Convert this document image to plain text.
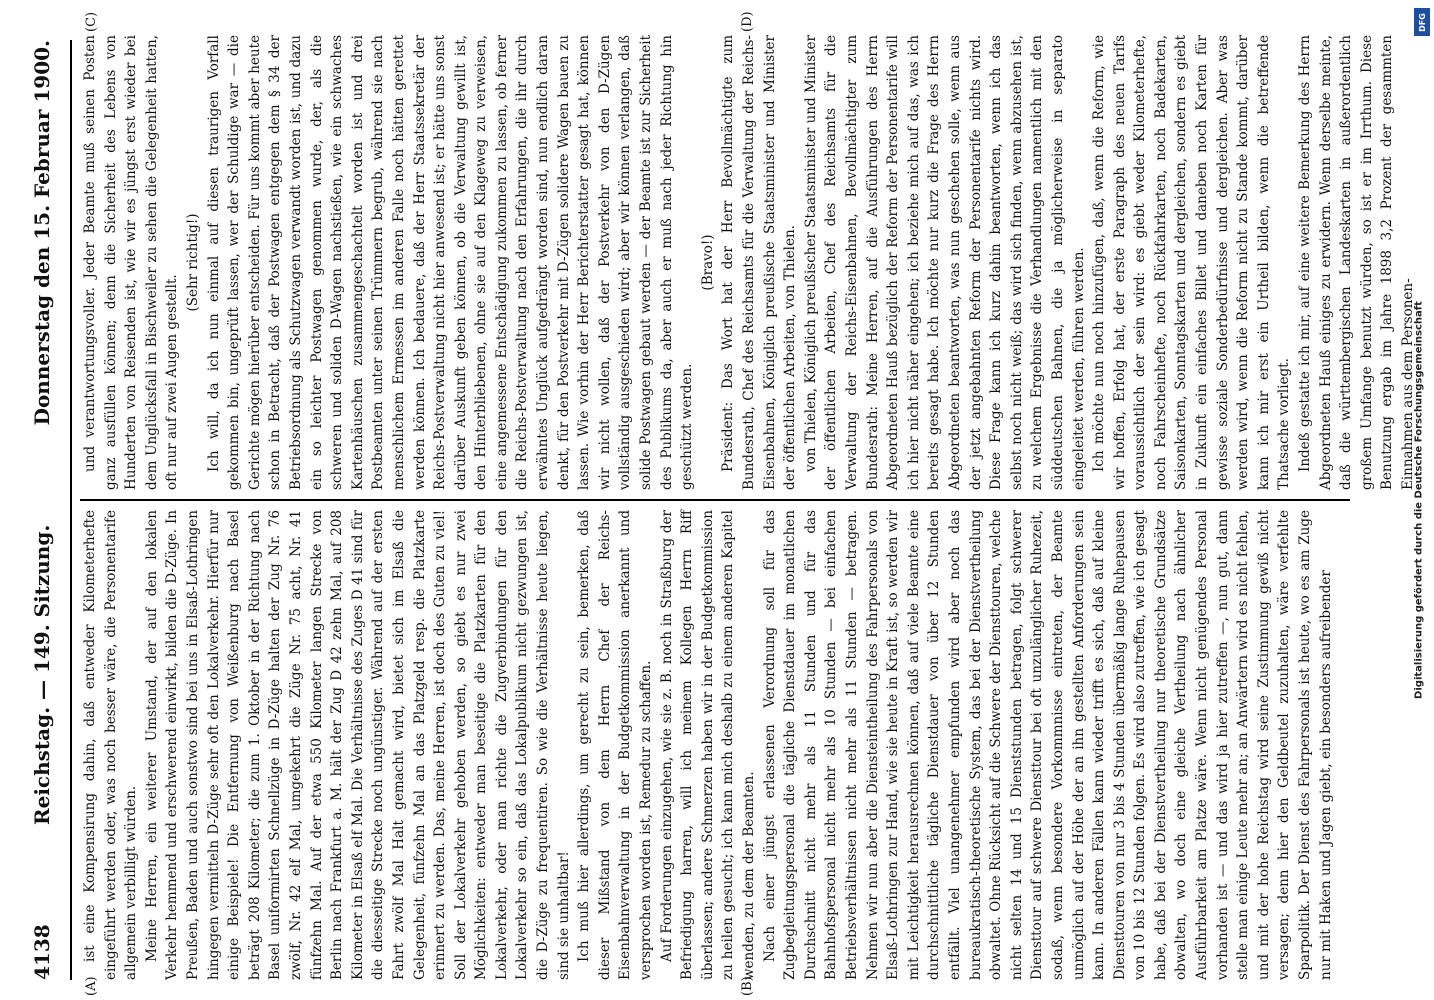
4138
Reichstag. — 149. Sitzung.
Donnerstag den 15. Februar 1900.
(A)	(B)
(C)	(D)

ist eine Kompensirung dahin, daß entweder Kilometerhefte eingeführt werden oder, was noch besser wäre, die Personentarife allgemein verbilligt würden. Meine Herren, ein weiterer Umstand, der auf den lokalen Verkehr hemmend und erschwerend einwirkt, bilden die D-Züge. In Preußen, Baden und auch sonstwo sind bei uns in Elsaß-Lothringen hingegen vermitteln D-Züge sehr oft den Lokalverkehr. Hierfür nur einige Beispiele! Die Entfernung von Weißenburg nach Basel beträgt 208 Kilometer; die zum 1. Oktober in der Richtung nach Basel uniformirten Schnellzüge in D-Züge halten der Zug Nr. 76 zwölf, Nr. 42 elf Mal, umgekehrt die Züge Nr. 75 acht, Nr. 41 fünfzehn Mal. Auf der etwa 550 Kilometer langen Strecke von Berlin nach Frankfurt a. M. hält der Zug D 42 zehn Mal, auf 208 Kilometer in Elsaß elf Mal. Die Verhältnisse des Zuges D 41 sind für die diesseitige Strecke noch ungünstiger. Während auf der ersten Fahrt zwölf Mal Halt gemacht wird, bietet sich im Elsaß die Gelegenheit, fünfzehn Mal an das Platzgeld resp. die Platzkarte erinnert zu werden. Das, meine Herren, ist doch des Guten zu viel! Soll der Lokalverkehr gehoben werden, so giebt es nur zwei Möglichkeiten: entweder man beseitige die Platzkarten für den Lokalverkehr, oder man richte die Zugverbindungen für den Lokalverkehr so ein, daß das Lokalpublikum nicht gezwungen ist, die D-Züge zu frequentiren. So wie die Verhältnisse heute liegen, sind sie unhaltbar! Ich muß hier allerdings, um gerecht zu sein, bemerken, daß dieser Mißstand von dem Herrn Chef der Reichs-Eisenbahnverwaltung in der Budgetkommission anerkannt und versprochen worden ist, Remedur zu schaffen. Auf Forderungen einzugehen, wie sie z. B. noch in Straßburg der Befriedigung harren, will ich meinem Kollegen Herrn Riff überlassen; andere Schmerzen haben wir in der Budgetkommission zu heilen gesucht; ich kann mich deshalb zu einem anderen Kapitel wenden, zu dem der Beamten. Nach einer jüngst erlassenen Verordnung soll für das Zugbegleitungspersonal die tägliche Dienstdauer im monatlichen Durchschnitt nicht mehr als 11 Stunden und für das Bahnhofspersonal nicht mehr als 10 Stunden — bei einfachen Betriebsverhältnissen nicht mehr als 11 Stunden — betragen. Nehmen wir nun aber die Diensteintheilung des Fahrpersonals von Elsaß-Lothringen zur Hand, wie sie heute in Kraft ist, so werden wir mit Leichtigkeit herausrechnen können, daß auf viele Beamte eine durchschnittliche tägliche Dienstdauer von über 12 Stunden entfällt. Viel unangenehmer empfunden wird aber noch das bureaukratisch-theoretische System, das bei der Dienstvertheilung obwaltet. Ohne Rücksicht auf die Schwere der Diensttouren, welche nicht selten 14 und 15 Dienststunden betragen, folgt schwerer Diensttour auf schwere Diensttour bei oft unzulänglicher Ruhezeit, sodaß, wenn besondere Vorkommnisse eintreten, der Beamte unmöglich auf der Höhe der an ihn gestellten Anforderungen sein kann. In anderen Fällen kann wieder trifft es sich, daß auf kleine Diensttouren von nur 3 bis 4 Stunden übermäßig lange Ruhepausen von 10 bis 12 Stunden folgen. Es wird also zutreffen, wie ich gesagt habe, daß bei der Dienstvertheilung nur theoretische Grundsätze obwalten, wo doch eine gleiche Vertheilung nach ähnlicher Ausführbarkeit am Platze wäre. Wenn nicht genügendes Personal vorhanden ist — und das wird ja hier zutreffen —, nun gut, dann stelle man einige Leute mehr an; an Anwärtern wird es nicht fehlen, und mit der hohe Reichstag wird seine Zustimmung gewiß nicht versagen; denn hier den Geldbeutel zuzuhalten, wäre verfehlte Sparpolitik. Der Dienst des Fahrpersonals ist heute, wo es am Zuge nur mit Haken und Jagen giebt, ein besonders aufreibender

und verantwortungsvoller. Jeder Beamte muß seinen Posten ganz ausfüllen können; denn die Sicherheit des Lebens von Hunderten von Reisenden ist, wie wir es jüngst erst wieder bei dem Unglücksfall in Bischweiler zu sehen die Gelegenheit hatten, oft nur auf zwei Augen gestellt.

(Sehr richtig!) Ich will, da ich nun einmal auf diesen traurigen Vorfall gekommen bin, ungeprüft lassen, wer der Schuldige war — die Gerichte mögen hierüber entscheiden. Für uns kommt aber heute schon in Betracht, daß der Postwagen entgegen dem § 34 der Betriebsordnung als Schutzwagen verwandt worden ist, und dazu ein so leichter Postwagen genommen wurde, der, als die schweren und soliden D-Wagen nachstießen, wie ein schwaches Kartenhäuschen zusammengeschachtelt worden ist und drei Postbeamten unter seinen Trümmern begrub, während sie nach menschlichem Ermessen im anderen Falle noch hätten gerettet werden können. Ich bedauere, daß der Herr Staatssekretär der Reichs-Postverwaltung nicht hier anwesend ist; er hätte uns sonst darüber Auskunft geben können, ob die Verwaltung gewillt ist, den Hinterbliebenen, ohne sie auf den Klageweg zu verweisen, eine angemessene Entschädigung zukommen zu lassen, ob ferner die Reichs-Postverwaltung nach den Erfahrungen, die ihr durch erwähntes Unglück aufgedrängt worden sind, nun endlich daran denkt, für den Postverkehr mit D-Zügen solidere Wagen bauen zu lassen. Wie vorhin der Herr Berichterstatter gesagt hat, können wir nicht wollen, daß der Postverkehr von den D-Zügen vollständig ausgeschieden wird; aber wir können verlangen, daß solide Postwagen gebaut werden — der Beamte ist zur Sicherheit des Publikums da, aber auch er muß nach jeder Richtung hin geschützt werden.

(Bravo!) Präsident: Das Wort hat der Herr Bevollmächtigte zum Bundesrath, Chef des Reichsamts für die Verwaltung der Reichs-Eisenbahnen, Königlich preußische Staatsminister und Minister der öffentlichen Arbeiten, von Thielen. von Thielen, Königlich preußischer Staatsminister und Minister der öffentlichen Arbeiten, Chef des Reichsamts für die Verwaltung der Reichs-Eisenbahnen, Bevollmächtigter zum Bundesrath: Meine Herren, auf die Ausführungen des Herrn Abgeordneten Hauß bezüglich der Reform der Personentarife will ich hier nicht näher eingehen; ich beziehe mich auf das, was ich bereits gesagt habe. Ich möchte nur kurz die Frage des Herrn Abgeordneten beantworten, was nun geschehen solle, wenn aus der jetzt angebahnten Reform der Personentarife nichts wird. Diese Frage kann ich kurz dahin beantworten, wenn ich das selbst noch nicht weiß; das wird sich finden, wenn abzusehen ist, zu welchem Ergebnisse die Verhandlungen namentlich mit den süddeutschen Bahnen, die ja möglicherweise in separato eingeleitet werden, führen werden. Ich möchte nun noch hinzufügen, daß, wenn die Reform, wie wir hoffen, Erfolg hat, der erste Paragraph des neuen Tarifs voraussichtlich der sein wird: es giebt weder Kilometerhefte, noch Fahrscheinhefte, noch Rückfahrkarten, noch Badekarten, Saisonkarten, Sonntagskarten und dergleichen, sondern es giebt in Zukunft ein einfaches Billet und daneben noch Karten für gewisse soziale Sonderbedürfnisse und dergleichen. Aber was werden wird, wenn die Reform nicht zu Stande kommt, darüber kann ich mir erst ein Urtheil bilden, wenn die betreffende Thatsache vorliegt. Indeß gestatte ich mir, auf eine weitere Bemerkung des Herrn Abgeordneten Hauß einiges zu erwidern. Wenn derselbe meinte, daß die württembergischen Landeskarten in außerordentlich großem Umfange benutzt würden, so ist er im Irrthum. Diese Benutzung ergab im Jahre 1898 3,2 Prozent der gesammten Einnahmen aus dem Personen-

Digitalisierung gefördert durch die Deutsche Forschungsgemeinschaft
DFG
